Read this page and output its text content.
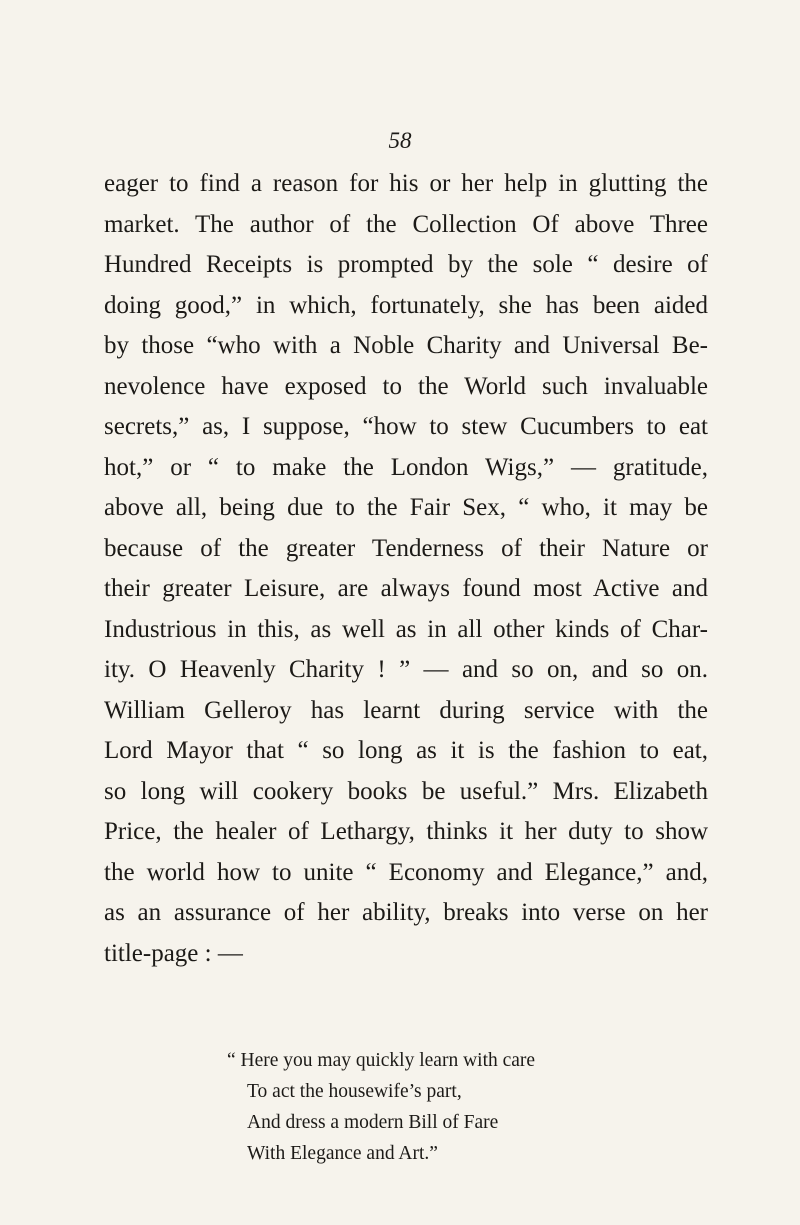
58
eager to find a reason for his or her help in glutting the
market. The author of the Collection Of above Three
Hundred Receipts is prompted by the sole “ desire of
doing good,” in which, fortunately, she has been aided
by those “who with a Noble Charity and Universal Be-
nevolence have exposed to the World such invaluable
secrets,” as, I suppose, “how to stew Cucumbers to eat
hot,” or “ to make the London Wigs,” — gratitude,
above all, being due to the Fair Sex, “ who, it may be
because of the greater Tenderness of their Nature or
their greater Leisure, are always found most Active and
Industrious in this, as well as in all other kinds of Char-
ity. O Heavenly Charity ! ” — and so on, and so on.
William Gelleroy has learnt during service with the
Lord Mayor that “ so long as it is the fashion to eat,
so long will cookery books be useful.” Mrs. Elizabeth
Price, the healer of Lethargy, thinks it her duty to show
the world how to unite “ Economy and Elegance,” and,
as an assurance of her ability, breaks into verse on her
title-page : —
“ Here you may quickly learn with care
To act the housewife’s part,
And dress a modern Bill of Fare
With Elegance and Art.”
